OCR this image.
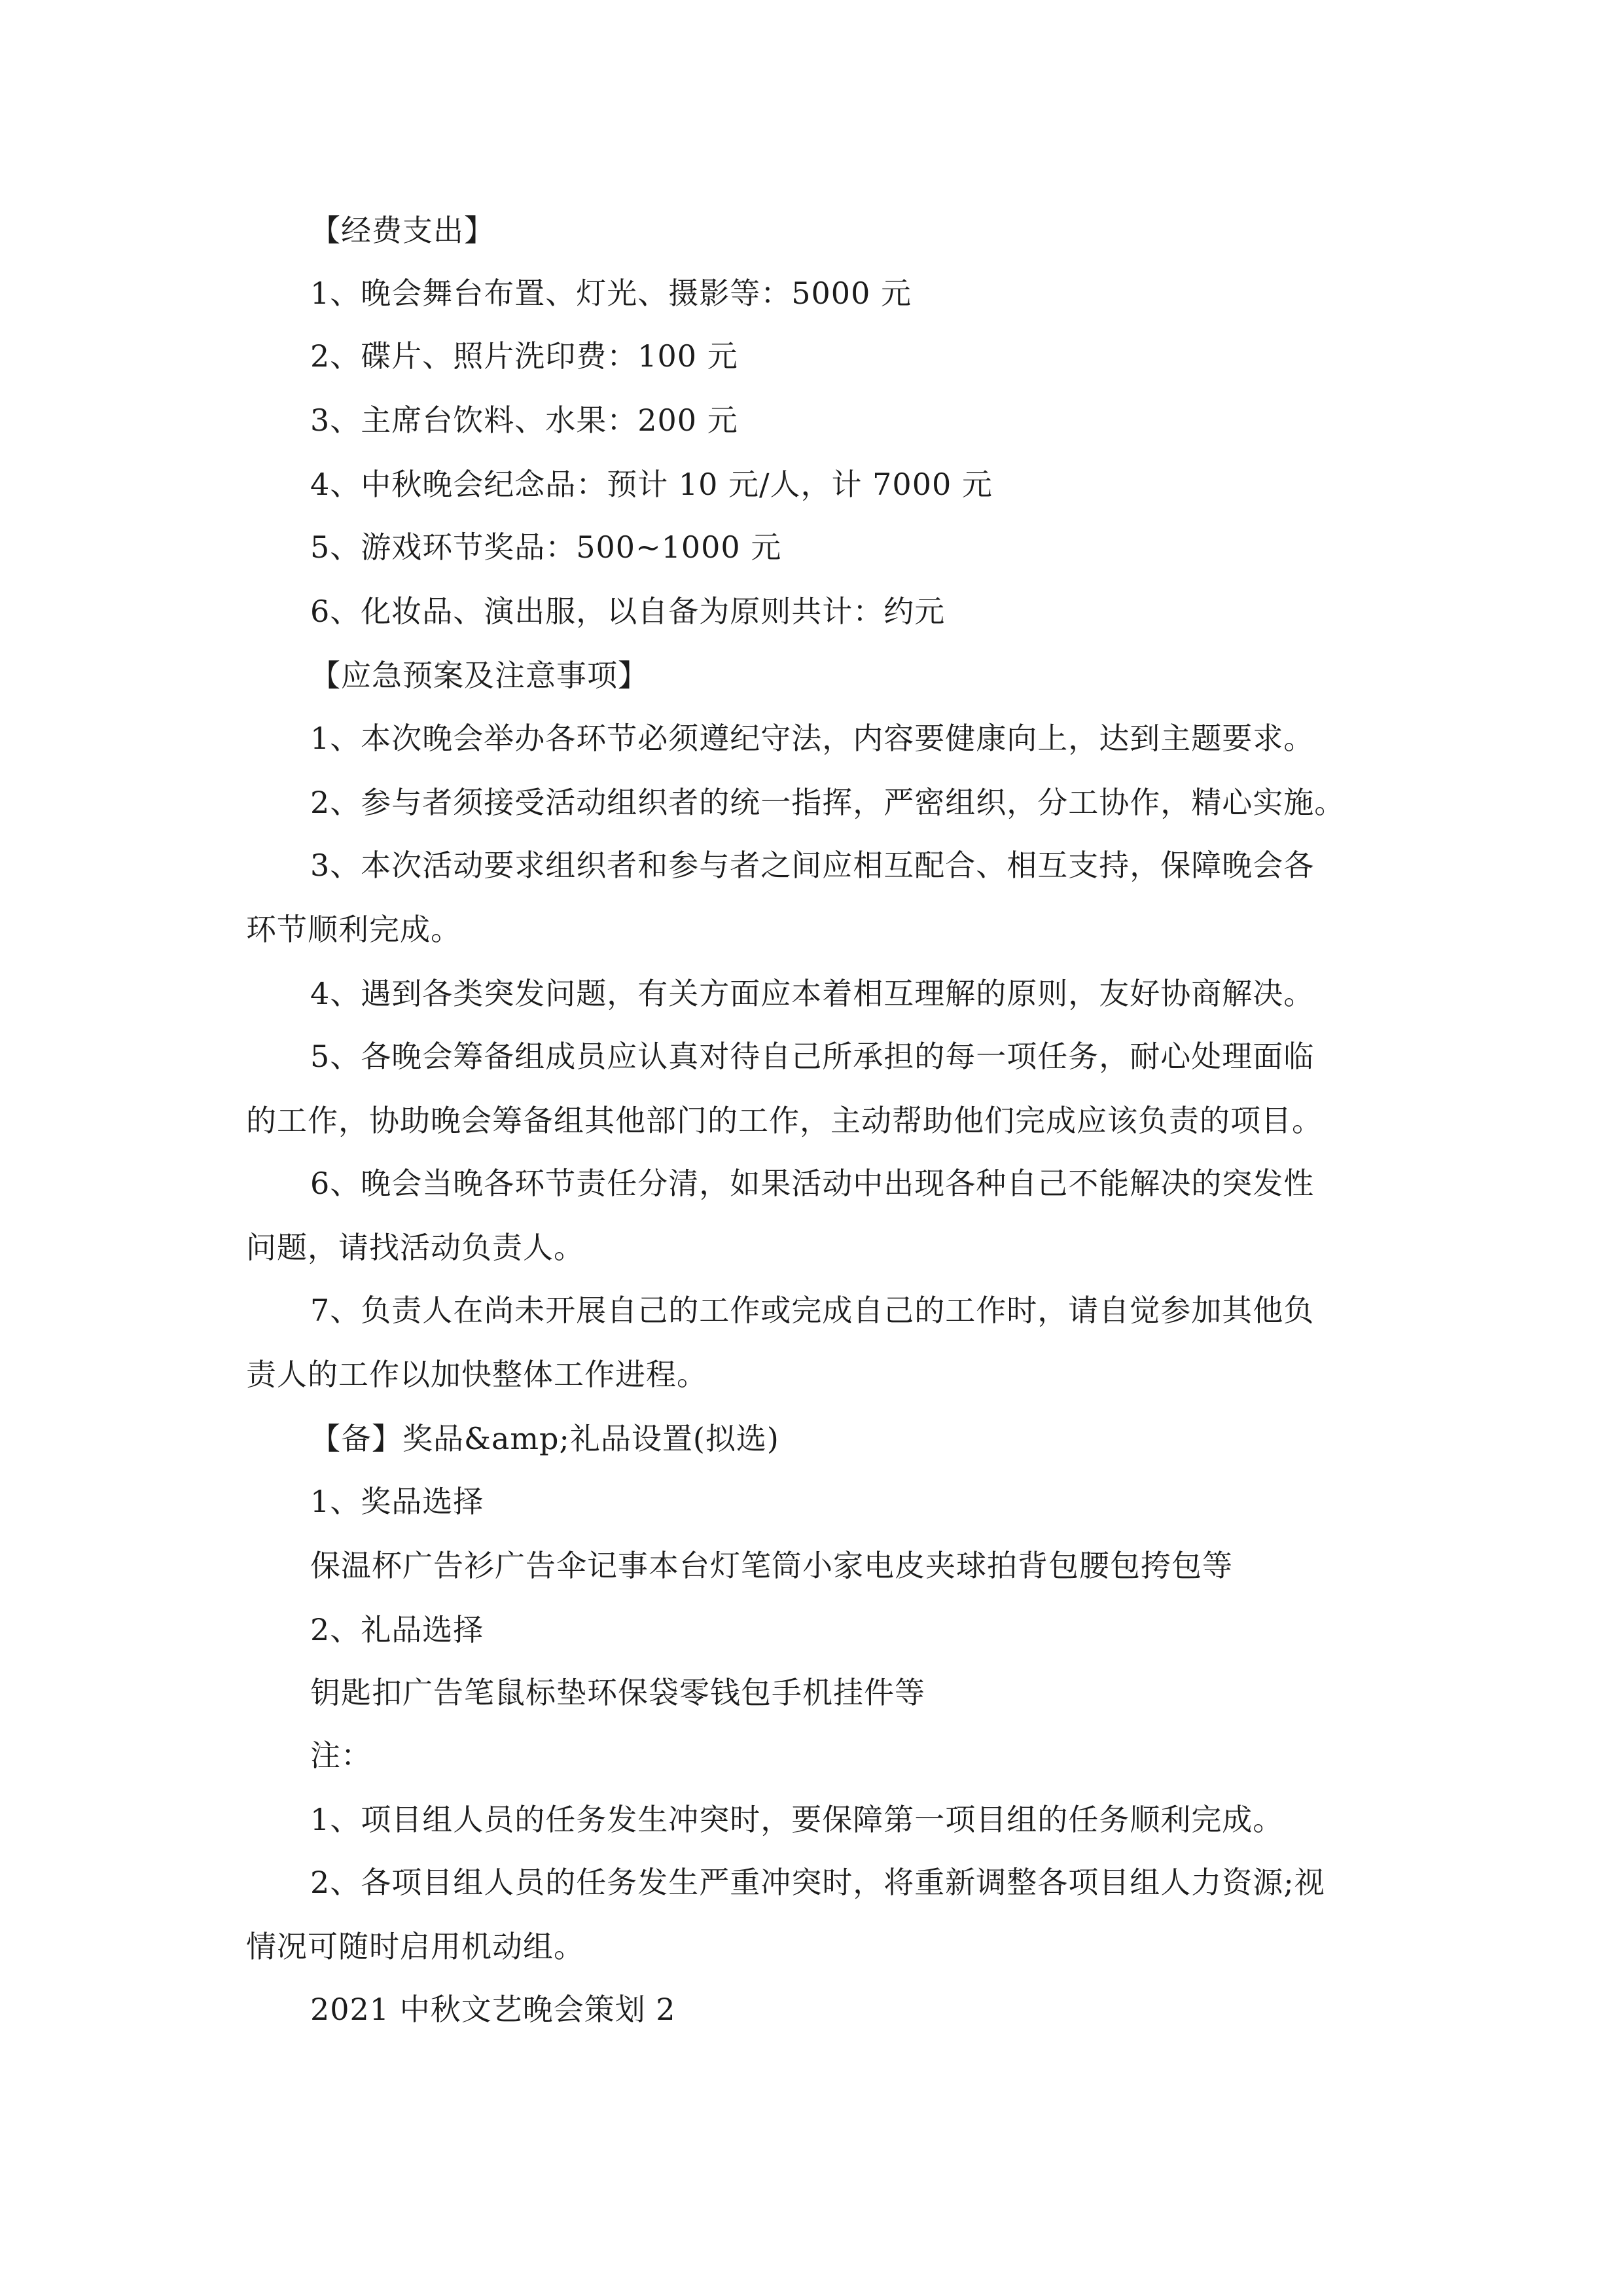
【经费支出】
1、晚会舞台布置、灯光、摄影等：5000 元
2、碟片、照片洗印费：100 元
3、主席台饮料、水果：200 元
4、中秋晚会纪念品：预计 10 元/人，计 7000 元
5、游戏环节奖品：500~1000 元
6、化妆品、演出服，以自备为原则共计：约元
【应急预案及注意事项】
1、本次晚会举办各环节必须遵纪守法，内容要健康向上，达到主题要求。
2、参与者须接受活动组织者的统一指挥，严密组织，分工协作，精心实施。
3、本次活动要求组织者和参与者之间应相互配合、相互支持，保障晚会各
环节顺利完成。
4、遇到各类突发问题，有关方面应本着相互理解的原则，友好协商解决。
5、各晚会筹备组成员应认真对待自己所承担的每一项任务，耐心处理面临
的工作，协助晚会筹备组其他部门的工作，主动帮助他们完成应该负责的项目。
6、晚会当晚各环节责任分清，如果活动中出现各种自己不能解决的突发性
问题，请找活动负责人。
7、负责人在尚未开展自己的工作或完成自己的工作时，请自觉参加其他负
责人的工作以加快整体工作进程。
【备】奖品&amp;礼品设置(拟选)
1、奖品选择
保温杯广告衫广告伞记事本台灯笔筒小家电皮夹球拍背包腰包挎包等
2、礼品选择
钥匙扣广告笔鼠标垫环保袋零钱包手机挂件等
注：
1、项目组人员的任务发生冲突时，要保障第一项目组的任务顺利完成。
2、各项目组人员的任务发生严重冲突时，将重新调整各项目组人力资源;视
情况可随时启用机动组。
2021 中秋文艺晚会策划 2
